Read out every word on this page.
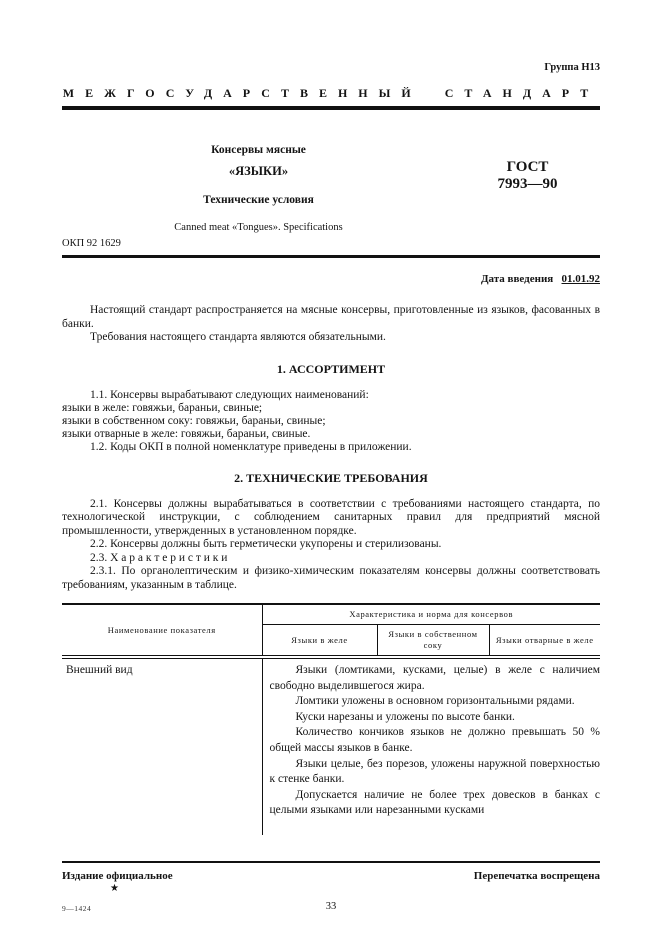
Группа Н13
МЕЖГОСУДАРСТВЕННЫЙ СТАНДАРТ
Консервы мясные
«ЯЗЫКИ»
Технические условия
Canned meat «Tongues». Specifications
ГОСТ
7993—90
ОКП 92 1629
Дата введения 01.01.92

Настоящий стандарт распространяется на мясные консервы, приготовленные из языков, фасованных в банки.

Требования настоящего стандарта являются обязательными.

1. АССОРТИМЕНТ
1.1. Консервы вырабатывают следующих наименований:
языки в желе: говяжьи, бараньи, свиные;
языки в собственном соку: говяжьи, бараньи, свиные;
языки отварные в желе: говяжьи, бараньи, свиные.
1.2. Коды ОКП в полной номенклатуре приведены в приложении.
2. ТЕХНИЧЕСКИЕ ТРЕБОВАНИЯ

2.1. Консервы должны вырабатываться в соответствии с требованиями настоящего стандарта, по технологической инструкции, с соблюдением санитарных правил для предприятий мясной промышленности, утвержденных в установленном порядке.

2.2. Консервы должны быть герметически укупорены и стерилизованы.

2.3. Х а р а к т е р и с т и к и

2.3.1. По органолептическим и физико-химическим показателям консервы должны соответствовать требованиям, указанным в таблице.

Наименование показателя	Характеристика и норма для консервов		
	Языки в желе	Языки в собственном соку	Языки отварные в желе
Внешний вид	Языки (ломтиками, кусками, целые) в желе с наличием свободно выделившегося жира.

Ломтики уложены в основном горизонтальными рядами.

Куски нарезаны и уложены по высоте банки.

Количество кончиков языков не должно превышать 50 % общей массы языков в банке.

Языки целые, без порезов, уложены наружной поверхностью к стенке банки.

Допускается наличие не более трех довесков в банках с целыми языками или нарезанными кусками

Издание официальное	Перепечатка воспрещена
★
9—1424	33
